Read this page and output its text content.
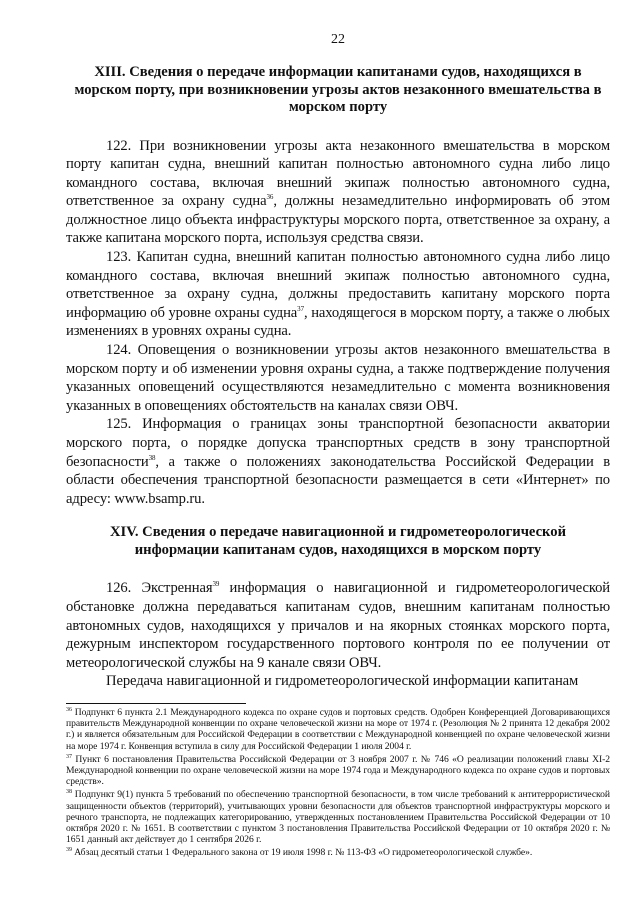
22
XIII. Сведения о передаче информации капитанами судов, находящихся в морском порту, при возникновении угрозы актов незаконного вмешательства в морском порту

122. При возникновении угрозы акта незаконного вмешательства в морском порту капитан судна, внешний капитан полностью автономного судна либо лицо командного состава, включая внешний экипаж полностью автономного судна, ответственное за охрану судна$^{36}$, должны незамедлительно информировать об этом должностное лицо объекта инфраструктуры морского порта, ответственное за охрану, а также капитана морского порта, используя средства связи.

123. Капитан судна, внешний капитан полностью автономного судна либо лицо командного состава, включая внешний экипаж полностью автономного судна, ответственное за охрану судна, должны предоставить капитану морского порта информацию об уровне охраны судна$^{37}$, находящегося в морском порту, а также о любых изменениях в уровнях охраны судна.

124. Оповещения о возникновении угрозы актов незаконного вмешательства в морском порту и об изменении уровня охраны судна, а также подтверждение получения указанных оповещений осуществляются незамедлительно с момента возникновения указанных в оповещениях обстоятельств на каналах связи ОВЧ.

125. Информация о границах зоны транспортной безопасности акватории морского порта, о порядке допуска транспортных средств в зону транспортной безопасности$^{38}$, а также о положениях законодательства Российской Федерации в области обеспечения транспортной безопасности размещается в сети «Интернет» по адресу: www.bsamp.ru.

XIV. Сведения о передаче навигационной и гидрометеорологической информации капитанам судов, находящихся в морском порту

126. Экстренная$^{39}$ информация о навигационной и гидрометеорологической обстановке должна передаваться капитанам судов, внешним капитанам полностью автономных судов, находящихся у причалов и на якорных стоянках морского порта, дежурным инспектором государственного портового контроля по ее получении от метеорологической службы на 9 канале связи ОВЧ.

Передача навигационной и гидрометеорологической информации капитанам

$^{36}$ Подпункт 6 пункта 2.1 Международного кодекса по охране судов и портовых средств. Одобрен Конференцией Договаривающихся правительств Международной конвенции по охране человеческой жизни на море от 1974 г. (Резолюция № 2 принята 12 декабря 2002 г.) и является обязательным для Российской Федерации в соответствии с Международной конвенцией по охране человеческой жизни на море 1974 г. Конвенция вступила в силу для Российской Федерации 1 июля 2004 г.

$^{37}$ Пункт 6 постановления Правительства Российской Федерации от 3 ноября 2007 г. № 746 «О реализации положений главы XI-2 Международной конвенции по охране человеческой жизни на море 1974 года и Международного кодекса по охране судов и портовых средств».

$^{38}$ Подпункт 9(1) пункта 5 требований по обеспечению транспортной безопасности, в том числе требований к антитеррористической защищенности объектов (территорий), учитывающих уровни безопасности для объектов транспортной инфраструктуры морского и речного транспорта, не подлежащих категорированию, утвержденных постановлением Правительства Российской Федерации от 10 октября 2020 г. № 1651. В соответствии с пунктом 3 постановления Правительства Российской Федерации от 10 октября 2020 г. № 1651 данный акт действует до 1 сентября 2026 г.

$^{39}$ Абзац десятый статьи 1 Федерального закона от 19 июля 1998 г. № 113-ФЗ «О гидрометеорологической службе».
